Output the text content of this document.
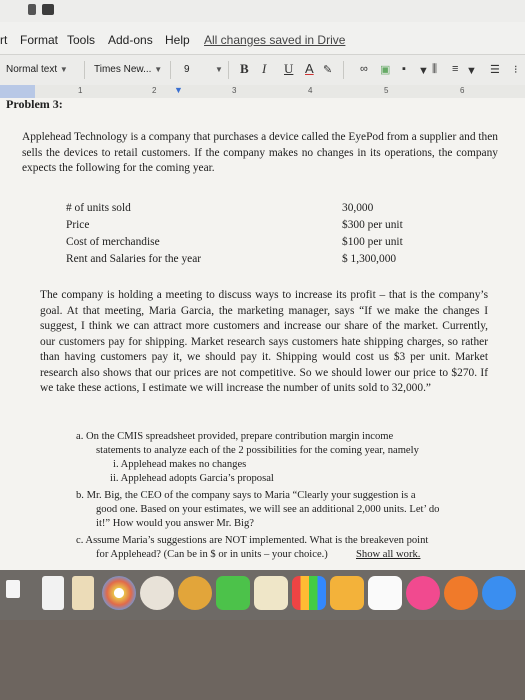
rt Format Tools Add-ons Help All changes saved in Drive
Normal text ▼	Times New... ▼ 9	▼ B I U A ✎	∞ ▣ ▪ ▼ ⫼ ≡ ▼ ☰ ⁝
1	2	3	4	5	6
▼
Problem 3:
Applehead Technology is a company that purchases a device called the EyePod from a supplier and then sells the devices to retail customers. If the company makes no changes in its operations, the company expects the following for the coming year.
# of units sold	30,000
Price	$300 per unit
Cost of merchandise	$100 per unit
Rent and Salaries for the year	$ 1,300,000
The company is holding a meeting to discuss ways to increase its profit – that is the company’s goal. At that meeting, Maria Garcia, the marketing manager, says “If we make the changes I suggest, I think we can attract more customers and increase our share of the market. Currently, our customers pay for shipping. Market research says customers hate shipping charges, so rather than having customers pay it, we should pay it. Shipping would cost us $3 per unit. Market research also shows that our prices are not competitive. So we should lower our price to $270. If we take these actions, I estimate we will increase the number of units sold to 32,000.”
a. On the CMIS spreadsheet provided, prepare contribution margin income
statements to analyze each of the 2 possibilities for the coming year, namely
i. Applehead makes no changes
ii. Applehead adopts Garcia’s proposal
b. Mr. Big, the CEO of the company says to Maria “Clearly your suggestion is a
good one. Based on your estimates, we will see an additional 2,000 units. Let’ do
it!” How would you answer Mr. Big?
c. Assume Maria’s suggestions are NOT implemented. What is the breakeven point
for Applehead? (Can be in $ or in units – your choice.)	Show all work.
